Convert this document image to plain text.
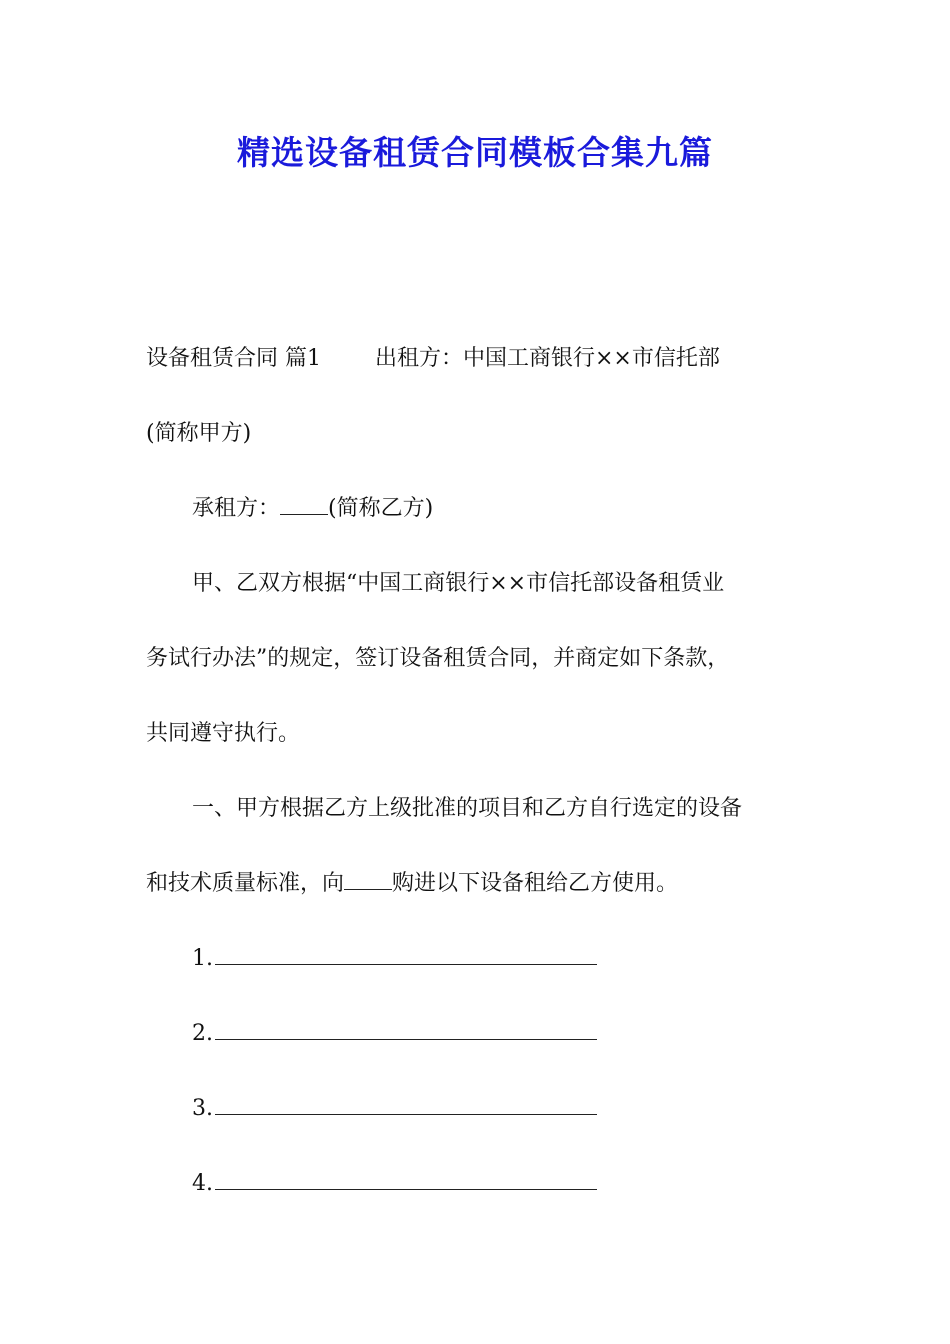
精选设备租赁合同模板合集九篇
设备租赁合同 篇1 出租方：中国工商银行××市信托部
(简称甲方)
承租方： (简称乙方)
甲、乙双方根据“中国工商银行××市信托部设备租赁业
务试行办法”的规定，签订设备租赁合同，并商定如下条款，
共同遵守执行。
一、甲方根据乙方上级批准的项目和乙方自行选定的设备
和技术质量标准，向 购进以下设备租给乙方使用。
1.
2.
3.
4.
